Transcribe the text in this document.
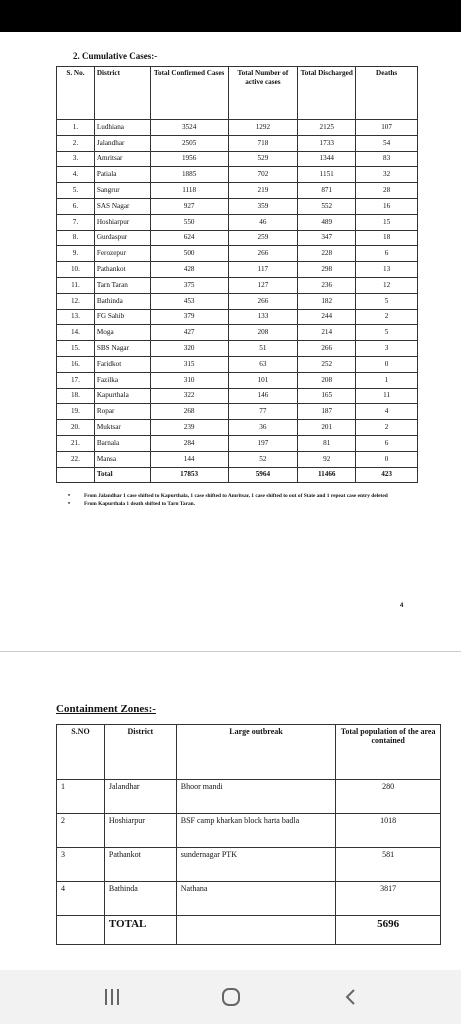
2. Cumulative Cases:-
S. No.	District	Total Confirmed Cases	Total Number of active cases	Total Discharged	Deaths
1.	Ludhiana	3524	1292	2125	107
2.	Jalandhar	2505	718	1733	54
3.	Amritsar	1956	529	1344	83
4.	Patiala	1885	702	1151	32
5.	Sangrur	1118	219	871	28
6.	SAS Nagar	927	359	552	16
7.	Hoshiarpur	550	46	489	15
8.	Gurdaspur	624	259	347	18
9.	Ferozepur	500	266	228	6
10.	Pathankot	428	117	298	13
11.	Tarn Taran	375	127	236	12
12.	Bathinda	453	266	182	5
13.	FG Sahib	379	133	244	2
14.	Moga	427	208	214	5
15.	SBS Nagar	320	51	266	3
16.	Faridkot	315	63	252	0
17.	Fazilka	310	101	208	1
18.	Kapurthala	322	146	165	11
19.	Ropar	268	77	187	4
20.	Muktsar	239	36	201	2
21.	Barnala	284	197	81	6
22.	Mansa	144	52	92	0
	Total	17853	5964	11466	423
• From Jalandhar 1 case shifted to Kapurthala, 1 case shifted to Amritsar, 1 case shifted to out of State and 1 repeat case entry deleted
• From Kapurthala 1 death shifted to Tarn Taran.
4
Containment Zones:-
S.NO	District	Large outbreak	Total population of the area contained
1	Jalandhar	Bhoor mandi	280
2	Hoshiarpur	BSF camp kharkan block harta badla	1018
3	Pathankot	sundernagar PTK	581
4	Bathinda	Nathana	3817
	TOTAL		5696
